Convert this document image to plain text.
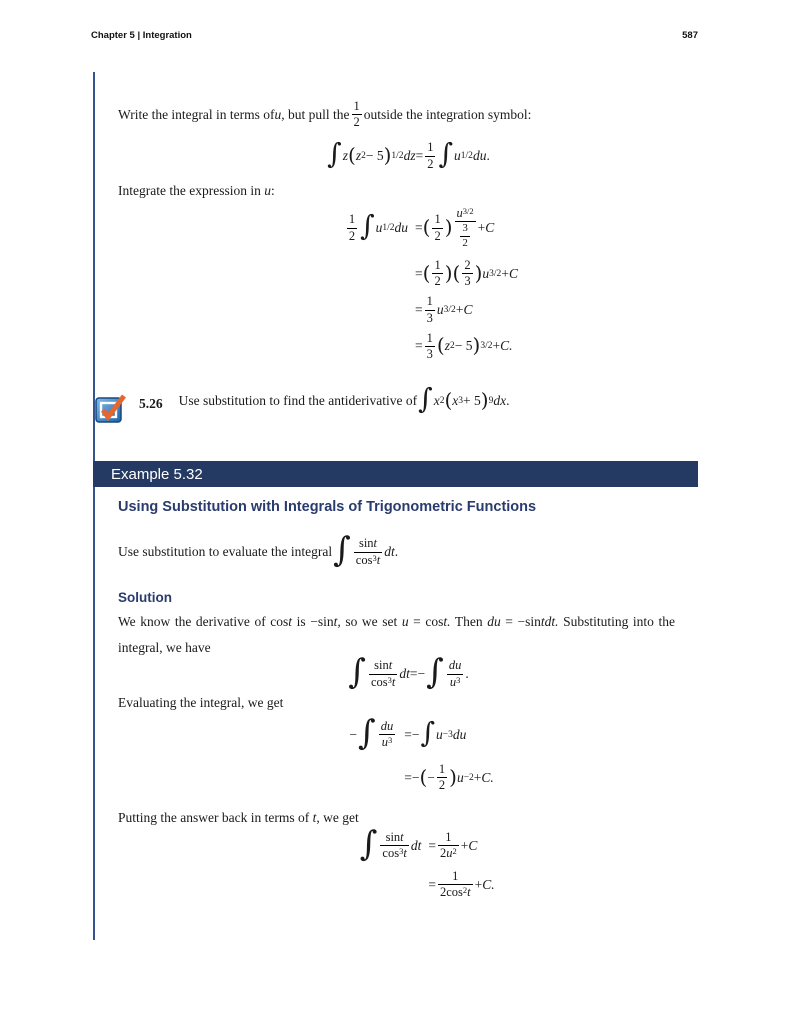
Chapter 5 | Integration	587
Write the integral in terms of u , but pull the
1
2
outside the integration symbol:
∫ z ( z 2 − 5 ) 1/2 dz = $\frac{1}{2}$ ∫ u 1/2 du .
Integrate the expression in u:
1
2 ∫ u 1/2 du = ( 1
2 )
$u^{3/2}$
$\frac{3}{2} + C$
= ( 1
2 ) ( 2
3 ) u 3/2 + C
= $\frac{1}{3}$ u 3/2 + C
= $\frac{1}{3}$ ( z 2 − 5 ) 3/2 + C.
5.26 Use substitution to find the antiderivative of ∫ x 2 ( x 3 + 5 ) 9 dx .
Example 5.32
Using Substitution with Integrals of Trigonometric Functions
Use substitution to evaluate the integral ∫ sint
$\cos^3t$
dt .
Solution
We know the derivative of cost is −sint, so we set u = cost. Then du = −sintdt. Substituting into the integral, we have
∫ sint
$\cos^3t$
dt = − ∫ du
$u^3$ .
Evaluating the integral, we get
− ∫ du
$u^3$ = − ∫ u −3 du
= − ( − $\frac{1}{2}$ ) u −2 + C.
Putting the answer back in terms of t, we get
∫ sint
$\cos^3t$
dt = $\frac{1}{2u^2} + C$
= $\frac{1}{2\cos^2t} + C$.
